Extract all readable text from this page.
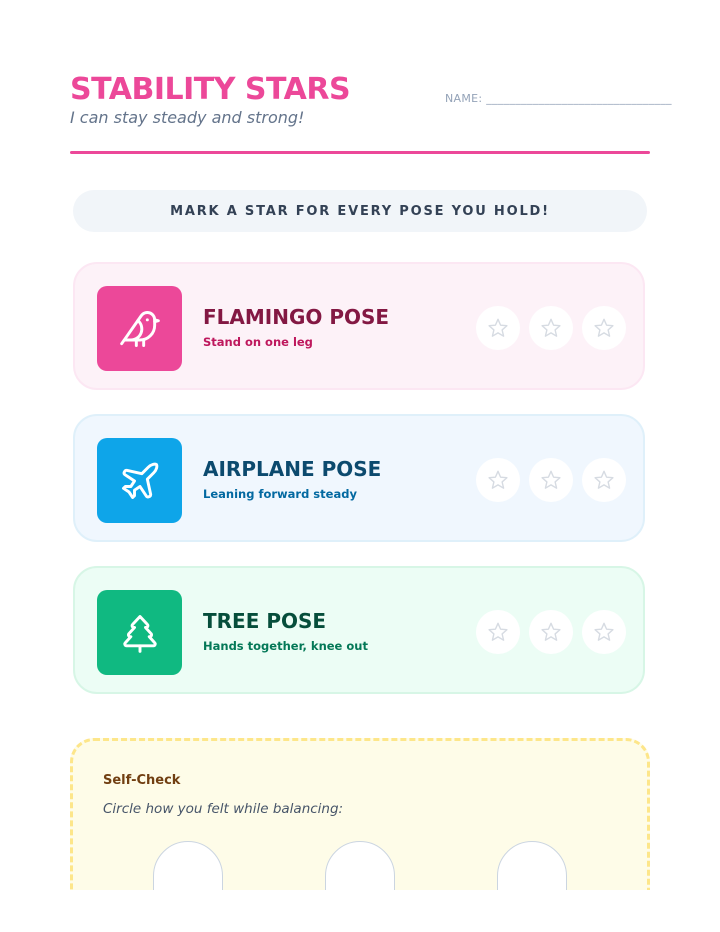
STABILITY STARS
I can stay steady and strong!
NAME: ________________________________
MARK A STAR FOR EVERY POSE YOU HOLD!
FLAMINGO POSE
Stand on one leg
AIRPLANE POSE
Leaning forward steady
TREE POSE
Hands together, knee out
Self-Check
Circle how you felt while balancing:
